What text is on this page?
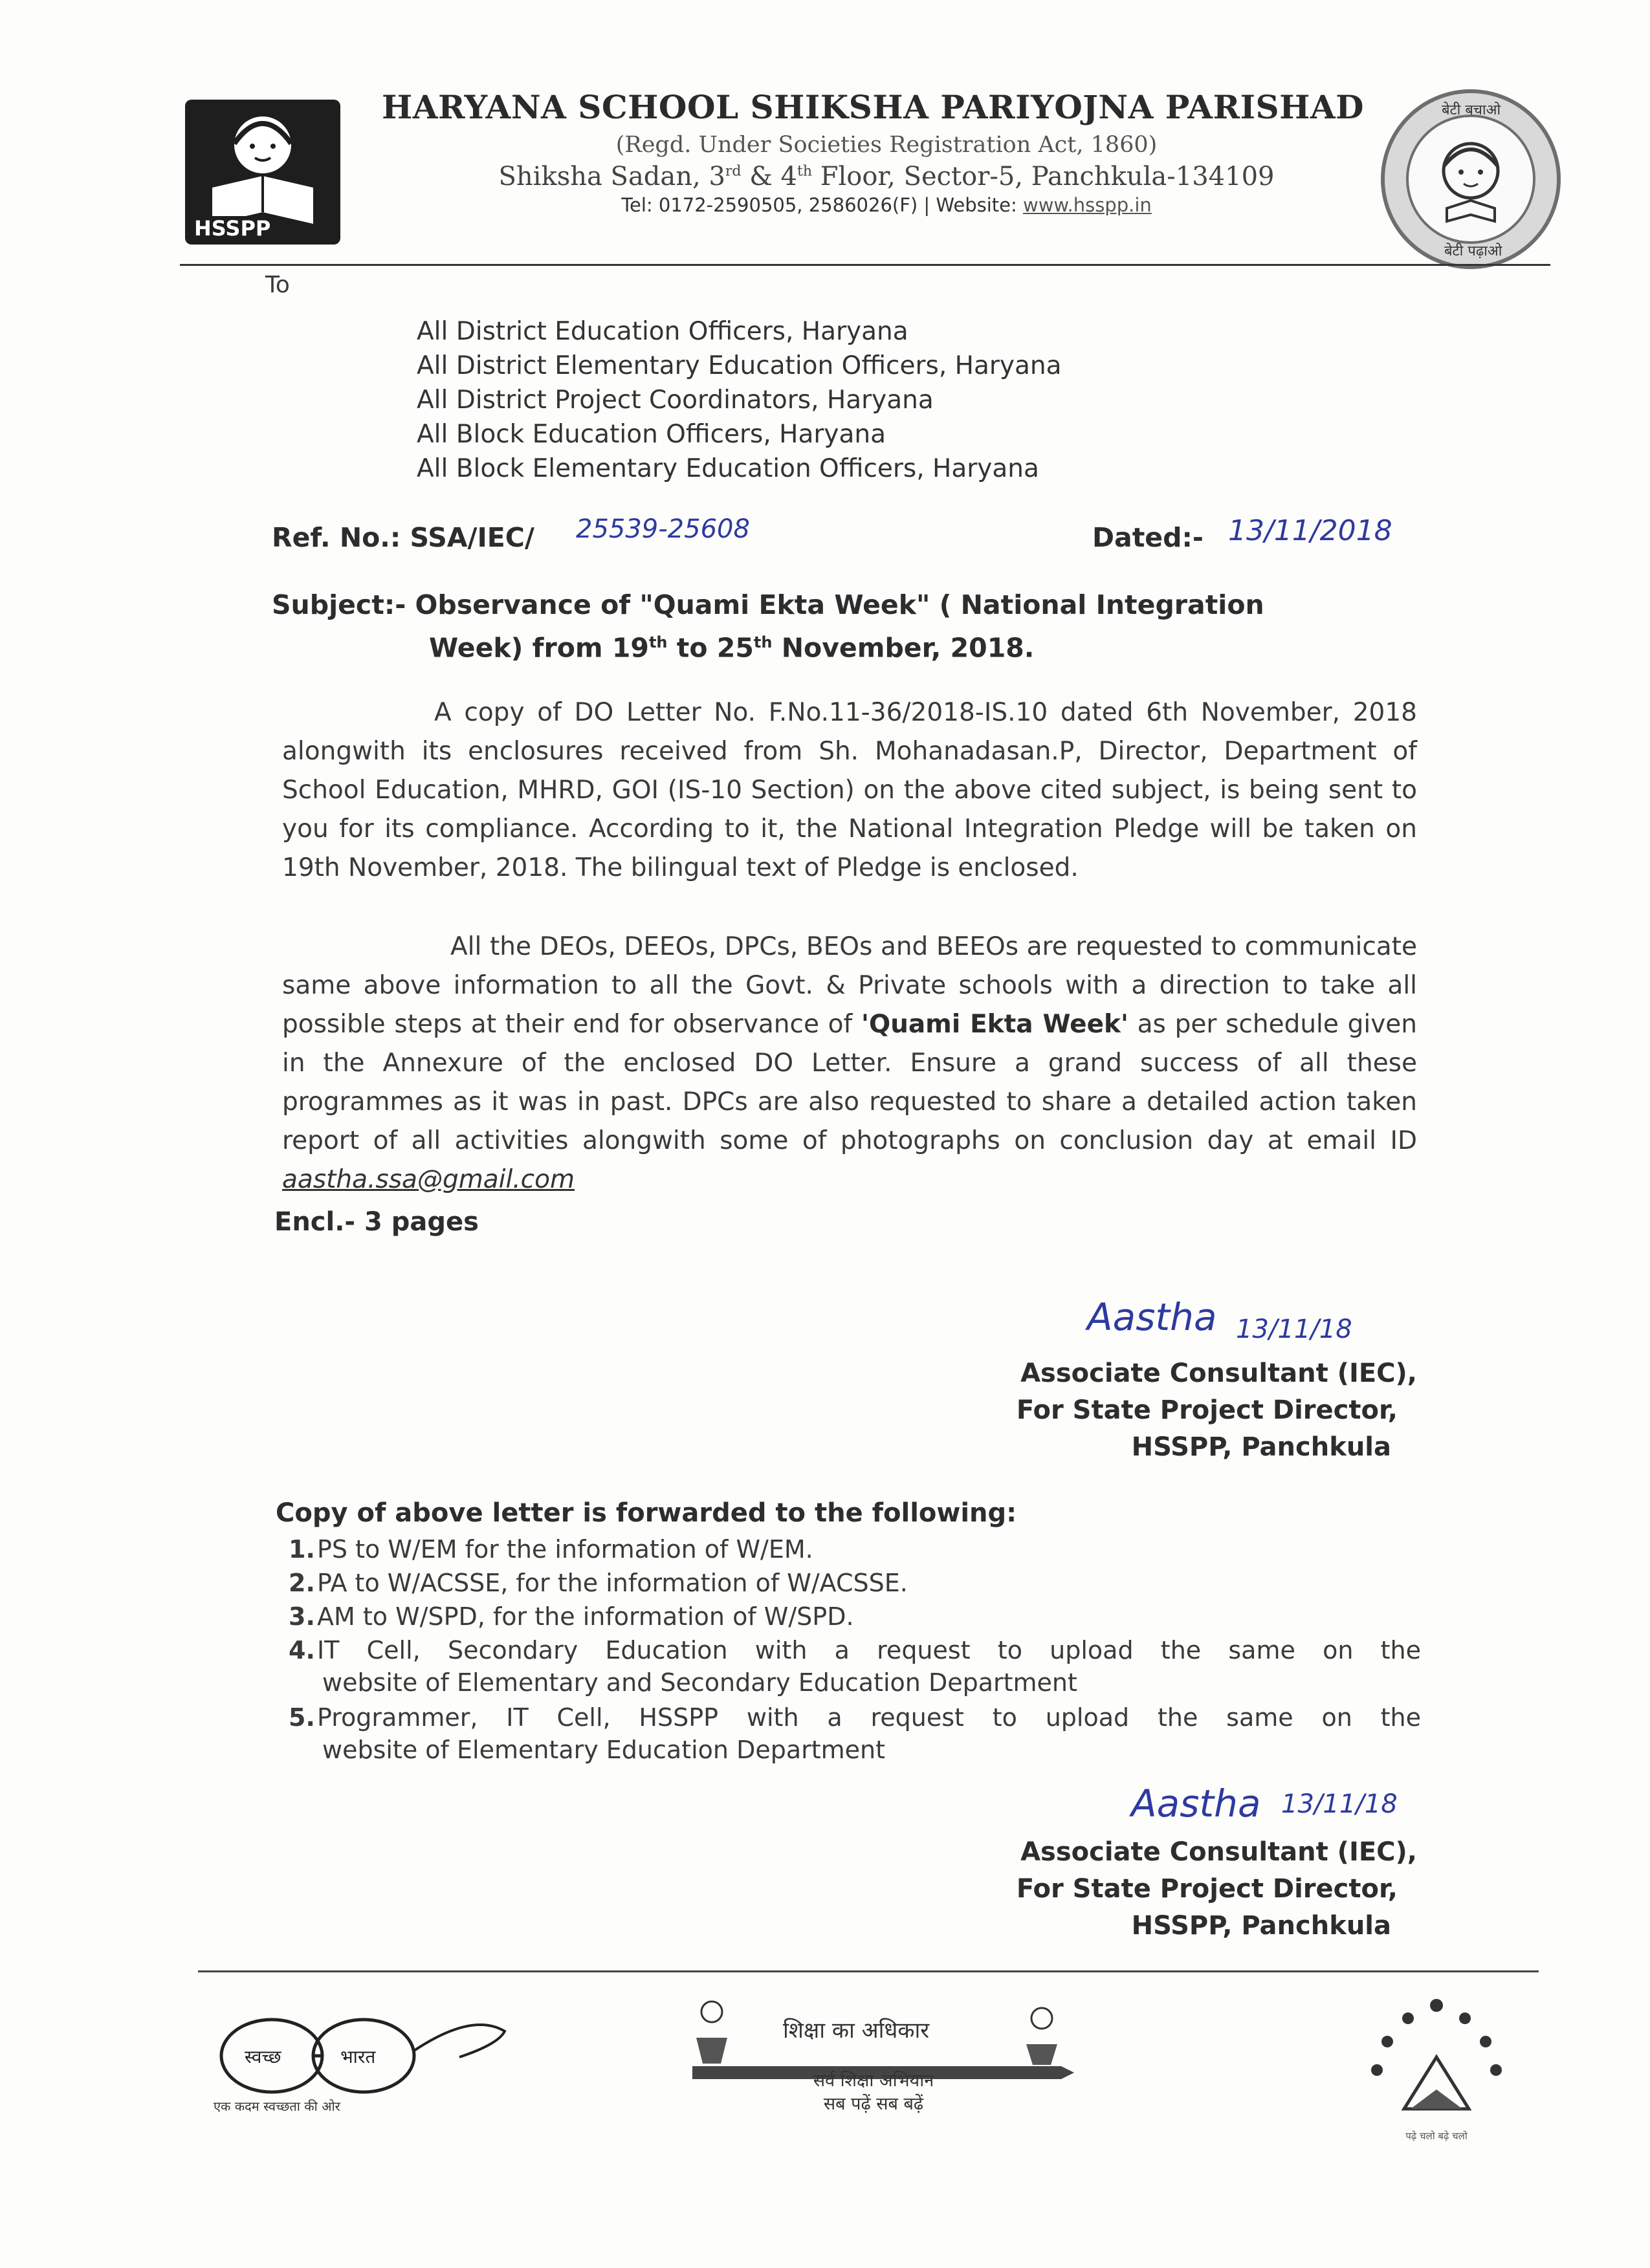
HSSPP
HARYANA SCHOOL SHIKSHA PARIYOJNA PARISHAD
(Regd. Under Societies Registration Act, 1860)
Shiksha Sadan, 3rd & 4th Floor, Sector-5, Panchkula-134109
Tel: 0172-2590505, 2586026(F) | Website: www.hsspp.in
बेटी बचाओ
बेटी पढ़ाओ
To
All District Education Officers, Haryana
All District Elementary Education Officers, Haryana
All District Project Coordinators, Haryana
All Block Education Officers, Haryana
All Block Elementary Education Officers, Haryana
Ref. No.: SSA/IEC/ 25539-25608	Dated:- 13/11/2018
Subject:- Observance of "Quami Ekta Week" ( National Integration
Week) from 19th to 25th November, 2018.
A copy of DO Letter No. F.No.11-36/2018-IS.10 dated 6th November, 2018 alongwith its enclosures received from Sh. Mohanadasan.P, Director, Department of School Education, MHRD, GOI (IS-10 Section) on the above cited subject, is being sent to you for its compliance. According to it, the National Integration Pledge will be taken on 19th November, 2018. The bilingual text of Pledge is enclosed.
All the DEOs, DEEOs, DPCs, BEOs and BEEOs are requested to communicate same above information to all the Govt. & Private schools with a direction to take all possible steps at their end for observance of 'Quami Ekta Week' as per schedule given in the Annexure of the enclosed DO Letter. Ensure a grand success of all these programmes as it was in past. DPCs are also requested to share a detailed action taken report of all activities alongwith some of photographs on conclusion day at email ID aastha.ssa@gmail.com
Encl.- 3 pages
Aastha 13/11/18
Associate Consultant (IEC),
For State Project Director,
HSSPP, Panchkula
Copy of above letter is forwarded to the following:
1.PS to W/EM for the information of W/EM.
2.PA to W/ACSSE, for the information of W/ACSSE.
3.AM to W/SPD, for the information of W/SPD.
4.IT Cell, Secondary Education with a request to upload the same on the
website of Elementary and Secondary Education Department
5.Programmer, IT Cell, HSSPP with a request to upload the same on the
website of Elementary Education Department
Aastha 13/11/18
Associate Consultant (IEC),
For State Project Director,
HSSPP, Panchkula
स्वच्छ	भारत
एक कदम स्वच्छता की ओर
शिक्षा का अधिकार
सर्व शिक्षा अभियान
सब पढ़ें सब बढ़ें
पढ़े चलो बढ़े चलो
